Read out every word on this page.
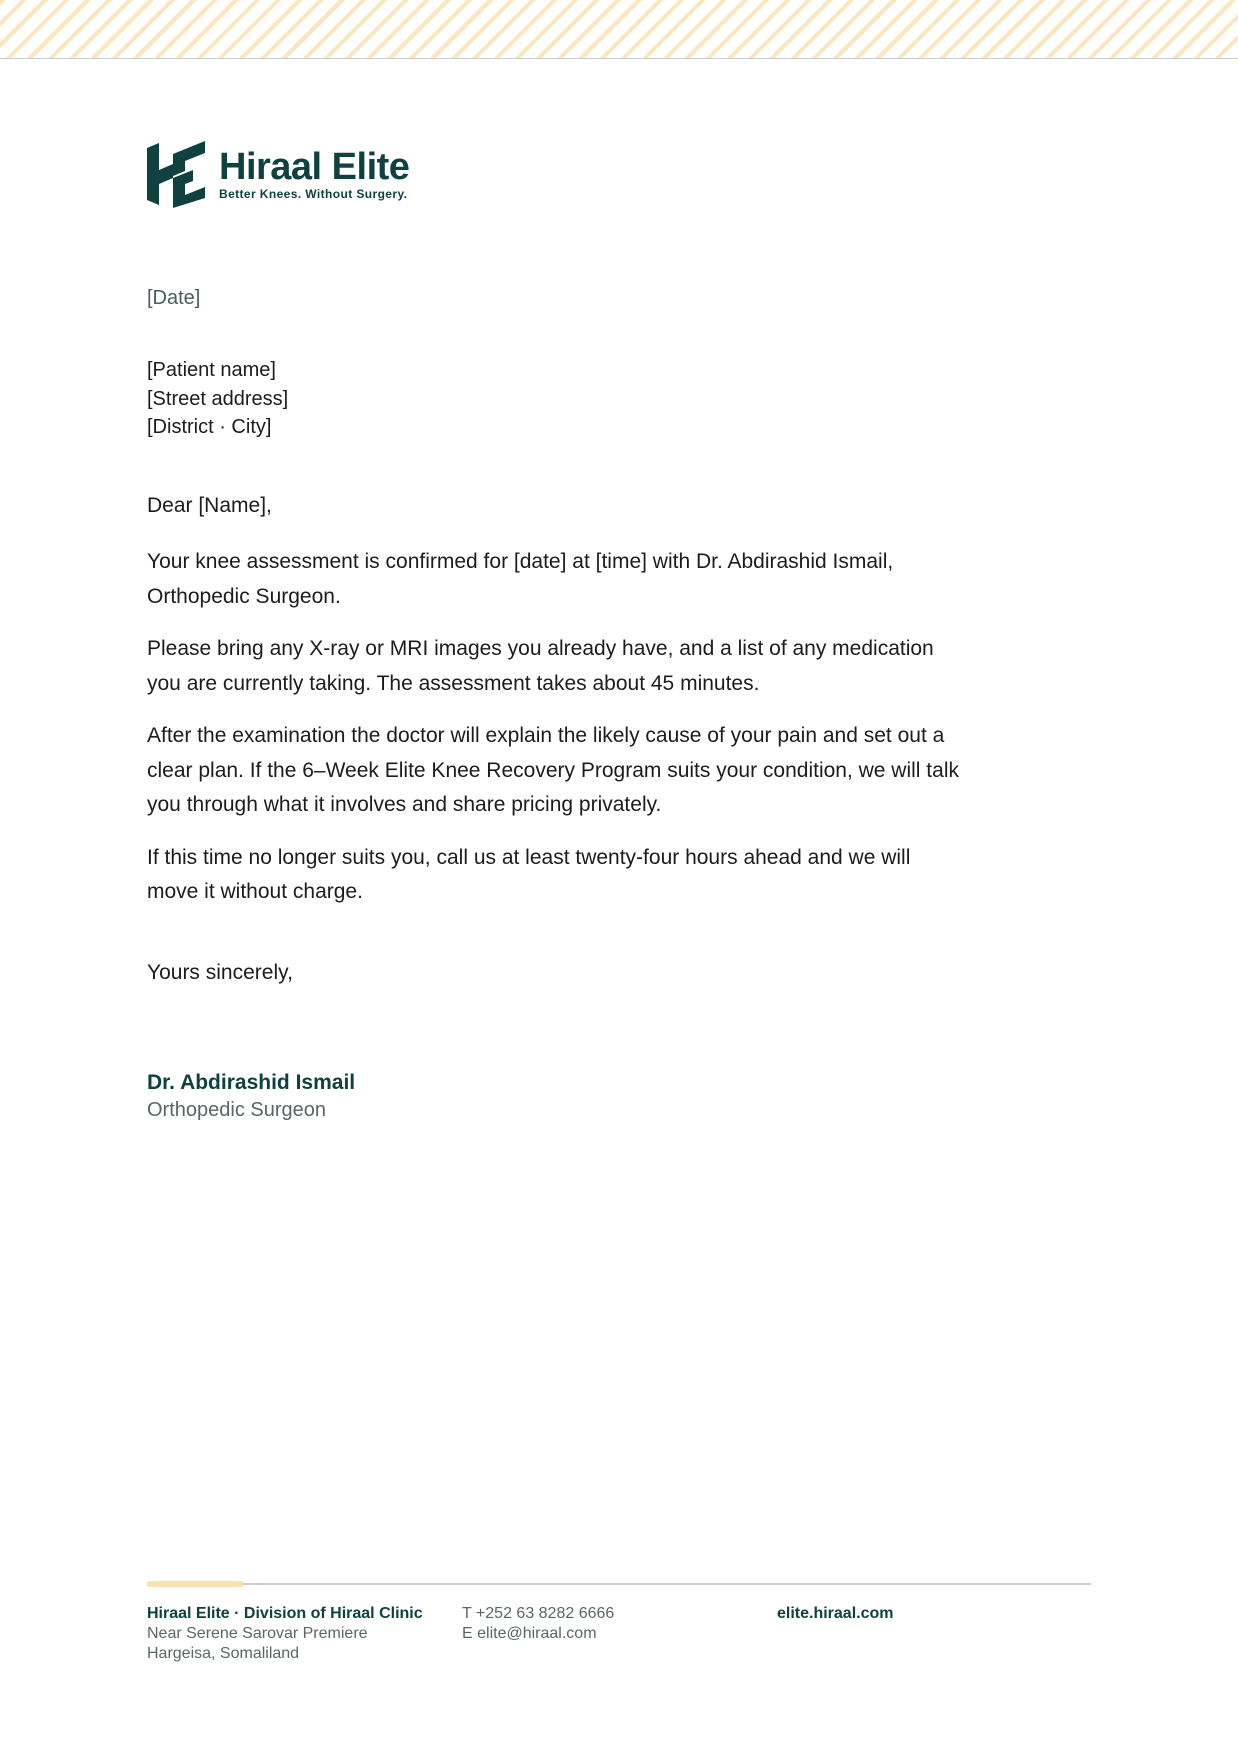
Hiraal Elite
Better Knees. Without Surgery.
[Date]
[Patient name]
[Street address]
[District · City]
Dear [Name],

Your knee assessment is confirmed for [date] at [time] with Dr. Abdirashid Ismail, Orthopedic Surgeon.

Please bring any X-ray or MRI images you already have, and a list of any medication you are currently taking. The assessment takes about 45 minutes.

After the examination the doctor will explain the likely cause of your pain and set out a clear plan. If the 6–Week Elite Knee Recovery Program suits your condition, we will talk you through what it involves and share pricing privately.

If this time no longer suits you, call us at least twenty-four hours ahead and we will move it without charge.

Yours sincerely,
Dr. Abdirashid Ismail
Orthopedic Surgeon
Hiraal Elite · Division of Hiraal Clinic
Near Serene Sarovar Premiere
Hargeisa, Somaliland
T +252 63 8282 6666
E elite@hiraal.com
elite.hiraal.com
